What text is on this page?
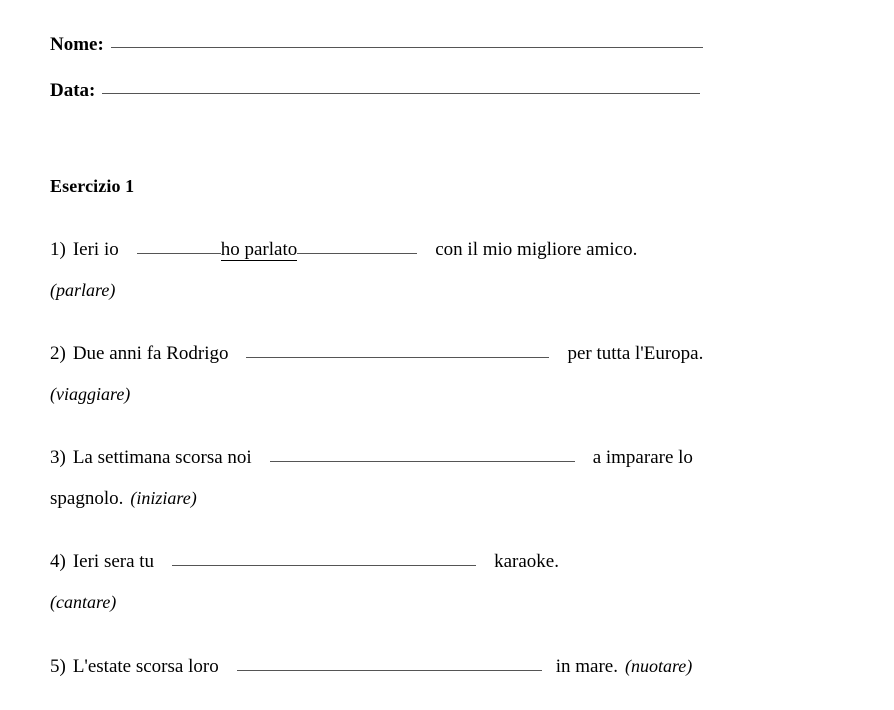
Nome:
Data:
Esercizio 1
1) Ieri io	ho parlato	con il mio migliore amico.
(parlare)
2) Due anni fa Rodrigo	per tutta l'Europa.
(viaggiare)
3) La settimana scorsa noi	a imparare lo
spagnolo. (iniziare)
4) Ieri sera tu	karaoke.
(cantare)
5) L'estate scorsa loro	in mare. (nuotare)
